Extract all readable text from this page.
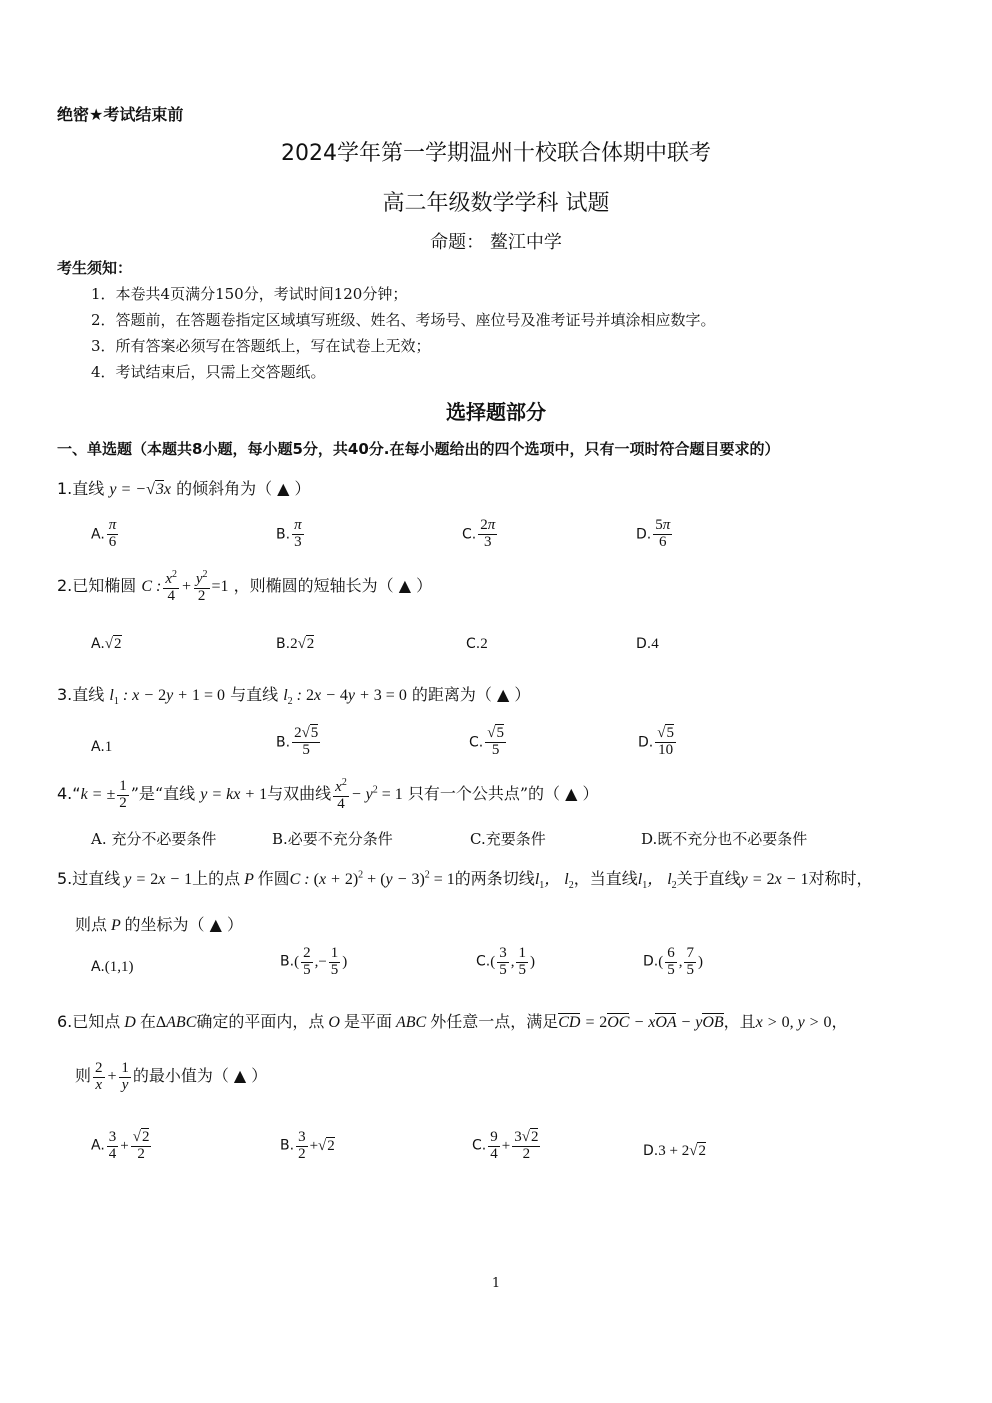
绝密★考试结束前
2024学年第一学期温州十校联合体期中联考
高二年级数学学科 试题
命题： 鳌江中学
考生须知：
1．本卷共4页满分150分，考试时间120分钟；
2．答题前，在答题卷指定区域填写班级、姓名、考场号、座位号及准考证号并填涂相应数字。
3．所有答案必须写在答题纸上，写在试卷上无效；
4．考试结束后，只需上交答题纸。
选择题部分
一、单选题（本题共8小题，每小题5分，共40分.在每小题给出的四个选项中，只有一项时符合题目要求的）
1.直线 y = −√3x 的倾斜角为（ ▲ ）
A. $\frac{\pi}{6}$	B. $\frac{\pi}{3}$	C. $\frac{2\pi}{3}$	D. $\frac{5\pi}{6}$
2.已知椭圆 C : $\frac{x^2}{4} + \frac{y^2}{2} =1$ ，则椭圆的短轴长为（ ▲ ）
A.√2	B.2√2	C.2	D.4
3.直线 $l_1$ : x − 2y + 1 = 0 与直线 $l_2$ : 2x − 4y + 3 = 0 的距离为（ ▲ ）
A.1	B. $\frac{2√5}{5}$	C. $\frac{√5}{5}$	D. $\frac{√5}{10}$
4.“k = ± $\frac{1}{2}$ ”是“直线 y = kx + 1与双曲线 $\frac{x^2}{4} - y^2 = 1$ 只有一个公共点”的（ ▲ ）
A. 充分不必要条件	B.必要不充分条件	C.充要条件	D.既不充分也不必要条件
5.过直线 y = 2x − 1上的点 P 作圆C : $(x + 2)^2 + (y - 3)^2 = 1$的两条切线$l_1$， $l_2$，当直线$l_1$， $l_2$关于直线y = 2x − 1对称时，
则点 P 的坐标为（ ▲ ）
A.(1,1)	$B.( \frac{2}{5}$ ,− $\frac{1}{5}$ )	$C.( \frac{3}{5}$ , $\frac{1}{5}$ )	$D.( \frac{6}{5}$ , $\frac{7}{5}$ )
6.已知点 D 在ΔABC确定的平面内，点 O 是平面 ABC 外任意一点，满足CD = 2OC − xOA − yOB，且x > 0, y > 0，
则 $\frac{2}{x} + \frac{1}{y}$ 的最小值为（ ▲ ）
A. $\frac{3}{4} + \frac{√2}{2}$	B. $\frac{3}{2} +√2$	C. $\frac{9}{4} + \frac{3√2}{2}$	D.3 + 2√2
1
